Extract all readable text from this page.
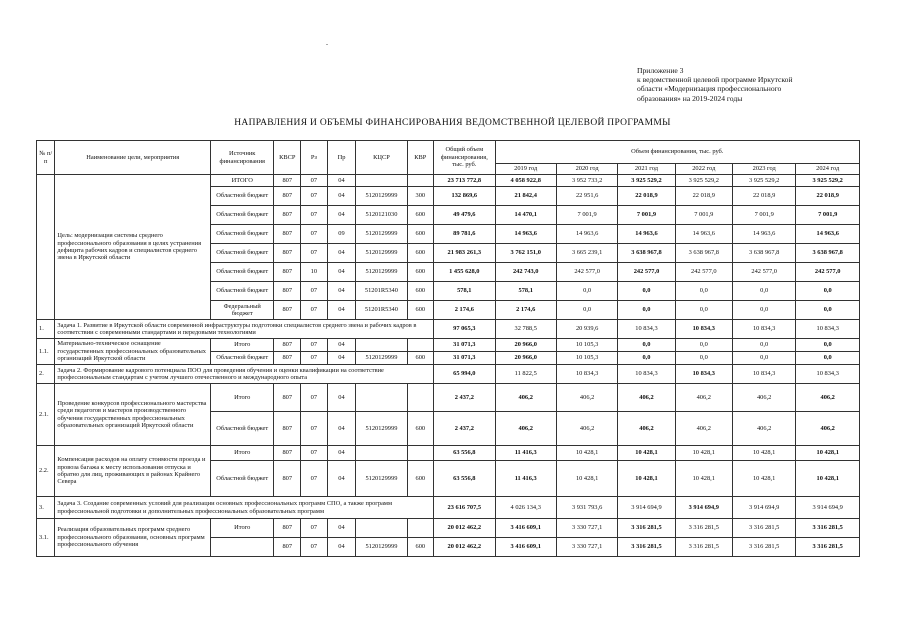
.
Приложение 3
к ведомственной целевой программе Иркутской
области «Модернизация профессионального
образования» на 2019-2024 годы
НАПРАВЛЕНИЯ И ОБЪЕМЫ ФИНАНСИРОВАНИЯ ВЕДОМСТВЕННОЙ ЦЕЛЕВОЙ ПРОГРАММЫ
№ п/п	Наименование цели, мероприятия	Источник финансирования	КВСР	Рз	Пр	КЦСР	КВР	Общий объем финансирования, тыс. руб.	Объем финансирования, тыс. руб.					
									2019 год	2020 год	2021 год	2022 год	2023 год	2024 год
	Цель: модернизация системы среднего профессионального образования в целях устранения дефицита рабочих кадров и специалистов среднего звена в Иркутской области	ИТОГО	807	07	04			23 713 772,8	4 058 922,8	3 952 733,2	3 925 529,2	3 925 529,2	3 925 529,2	3 925 529,2
		Областной бюджет	807	07	04	5120129999	300	132 869,6	21 842,4	22 951,6	22 018,9	22 018,9	22 018,9	22 018,9
		Областной бюджет	807	07	04	5120121030	600	49 479,6	14 470,1	7 001,9	7 001,9	7 001,9	7 001,9	7 001,9
		Областной бюджет	807	07	09	5120129999	600	89 781,6	14 963,6	14 963,6	14 963,6	14 963,6	14 963,6	14 963,6
		Областной бюджет	807	07	04	5120129999	600	21 983 261,3	3 762 151,0	3 665 239,1	3 638 967,8	3 638 967,8	3 638 967,8	3 638 967,8
		Областной бюджет	807	10	04	5120129999	600	1 455 628,0	242 743,0	242 577,0	242 577,0	242 577,0	242 577,0	242 577,0
		Областной бюджет	807	07	04	51201R5340	600	578,1	578,1	0,0	0,0	0,0	0,0	0,0
		Федеральный бюджет	807	07	04	51201R5340	600	2 174,6	2 174,6	0,0	0,0	0,0	0,0	0,0
1.	Задача 1. Развитие в Иркутской области современной инфраструктуры подготовки специалистов среднего звена и рабочих кадров в соответствии с современными стандартами и передовыми технологиями							97 065,3	32 788,5	20 939,6	10 834,3	10 834,3	10 834,3	10 834,3
1.1.	Материально-техническое оснащение государственных профессиональных образовательных организаций Иркутской области	Итого	807	07	04			31 071,3	20 966,0	10 105,3	0,0	0,0	0,0	0,0
		Областной бюджет	807	07	04	5120129999	600	31 071,3	20 966,0	10 105,3	0,0	0,0	0,0	0,0
2.	Задача 2. Формирование кадрового потенциала ПОО для проведения обучения и оценки квалификации на соответствие профессиональным стандартам с учетом лучшего отечественного и международного опыта							65 994,0	11 822,5	10 834,3	10 834,3	10 834,3	10 834,3	10 834,3
2.1.	Проведение конкурсов профессионального мастерства среди педагогов и мастеров производственного обучения государственных профессиональных образовательных организаций Иркутской области	Итого	807	07	04			2 437,2	406,2	406,2	406,2	406,2	406,2	406,2
		Областной бюджет	807	07	04	5120129999	600	2 437,2	406,2	406,2	406,2	406,2	406,2	406,2
2.2.	Компенсация расходов на оплату стоимости проезда и провоза багажа к месту использования отпуска и обратно для лиц, проживающих в районах Крайнего Севера	Итого	807	07	04			63 556,8	11 416,3	10 428,1	10 428,1	10 428,1	10 428,1	10 428,1
		Областной бюджет	807	07	04	5120129999	600	63 556,8	11 416,3	10 428,1	10 428,1	10 428,1	10 428,1	10 428,1
3.	Задача 3. Создание современных условий для реализации основных профессиональных программ СПО, а также программ профессиональной подготовки и дополнительных профессиональных образовательных программ							23 616 707,5	4 026 134,3	3 931 793,6	3 914 694,9	3 914 694,9	3 914 694,9	3 914 694,9
3.1.	Реализация образовательных программ среднего профессионального образования, основных программ профессионального обучения	Итого	807	07	04			20 012 462,2	3 416 609,1	3 330 727,1	3 316 281,5	3 316 281,5	3 316 281,5	3 316 281,5
			807	07	04	5120129999	600	20 012 462,2	3 416 609,1	3 330 727,1	3 316 281,5	3 316 281,5	3 316 281,5	3 316 281,5
